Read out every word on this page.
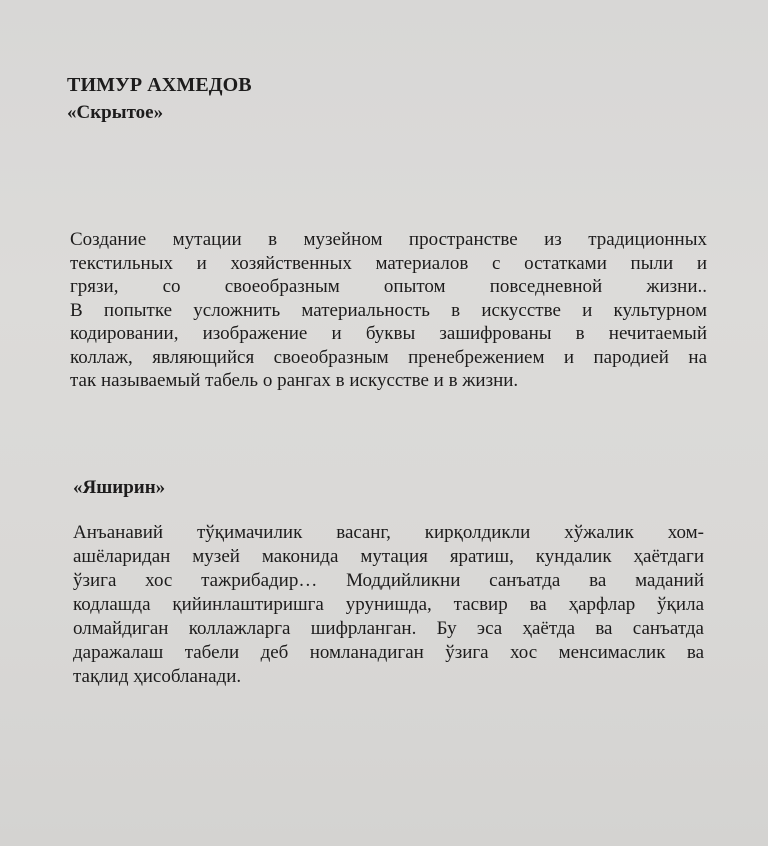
ТИМУР АХМЕДОВ
«Скрытое»

Создание мутации в музейном пространстве из традиционных
текстильных и хозяйственных материалов с остатками пыли и
грязи, со своеобразным опытом повседневной жизни..
В попытке усложнить материальность в искусстве и культурном
кодировании, изображение и буквы зашифрованы в нечитаемый
коллаж, являющийся своеобразным пренебрежением и пародией на
так называемый табель о рангах в искусстве и в жизни.

«Яширин»

Анъанавий тўқимачилик ваcанг, кирқолдикли хўжалик хом-
ашёларидан музей маконида мутация яратиш, кундалик ҳаётдаги
ўзига хос тажрибадир… Моддийликни санъатда ва маданий
кодлашда қийинлаштиришга урунишда, тасвир ва ҳарфлар ўқила
олмайдиган коллажларга шифрланган. Бу эса ҳаётда ва санъатда
даражалаш табели деб номланадиган ўзига хос менсимаслик ва
тақлид ҳисобланади.
